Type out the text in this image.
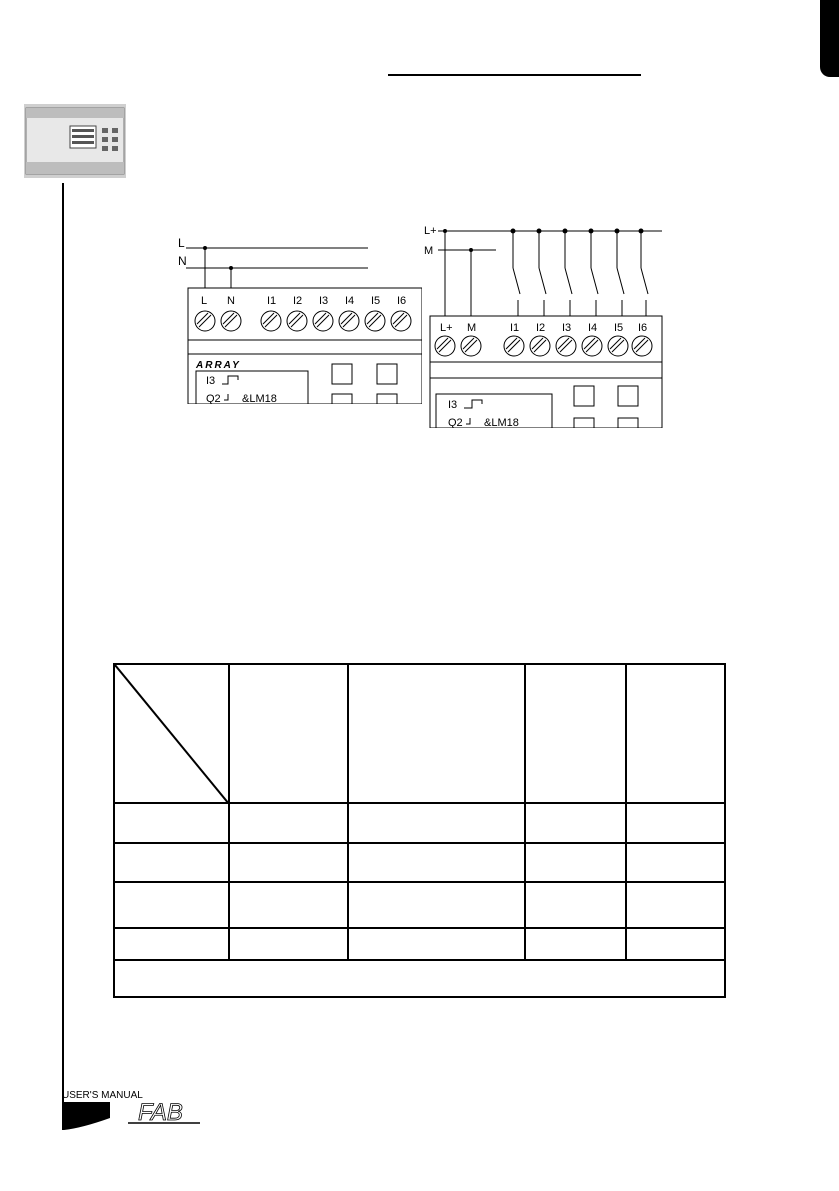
L
N
L N	I1 I2 I3 I4 I5 I6
ARRAY
I3
Q2 &LM18
L+
M
L+ M	I1 I2 I3 I4 I5 I6
I3
Q2 &LM18

USER'S MANUAL
FAB
